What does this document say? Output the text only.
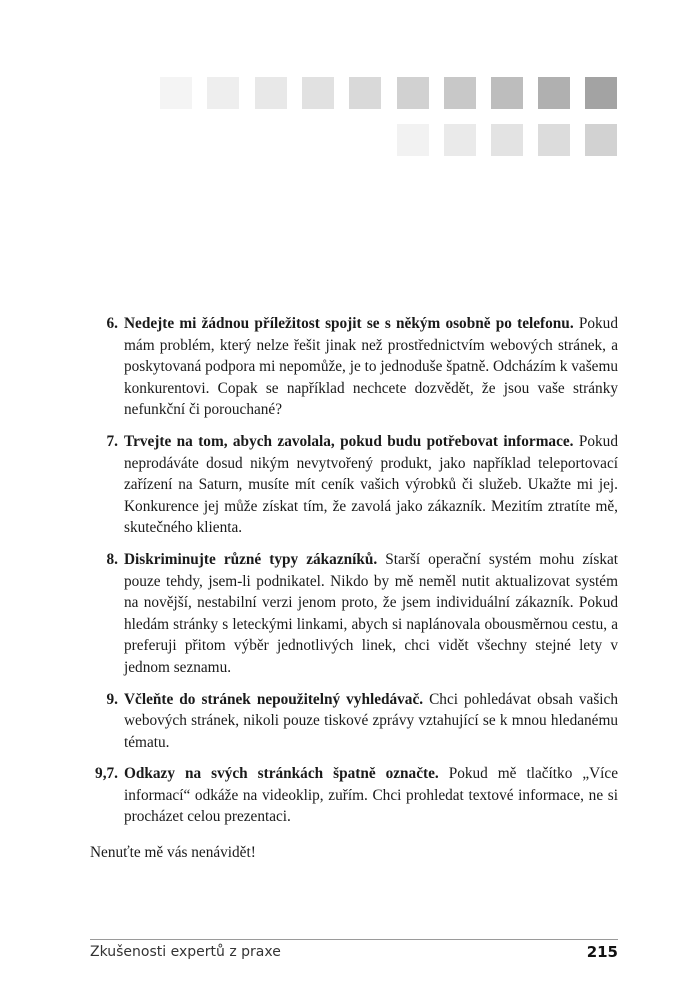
6. Nedejte mi žádnou příležitost spojit se s někým osobně po telefonu. Pokud mám problém, který nelze řešit jinak než prostřednictvím webových stránek, a poskytovaná podpora mi nepomůže, je to jednoduše špatně. Odcházím k vašemu konkurentovi. Copak se například nechcete dozvědět, že jsou vaše stránky nefunkční či porouchané?

7. Trvejte na tom, abych zavolala, pokud budu potřebovat informace. Pokud neprodáváte dosud nikým nevytvořený produkt, jako například teleportovací zařízení na Saturn, musíte mít ceník vašich výrobků či služeb. Ukažte mi jej. Konkurence jej může získat tím, že zavolá jako zákazník. Mezitím ztratíte mě, skutečného klienta.

8. Diskriminujte různé typy zákazníků. Starší operační systém mohu získat pouze tehdy, jsem-li podnikatel. Nikdo by mě neměl nutit aktualizovat systém na novější, nestabilní verzi jenom proto, že jsem individuální zákazník. Pokud hledám stránky s leteckými linkami, abych si naplánovala obousměrnou cestu, a preferuji přitom výběr jednotlivých linek, chci vidět všechny stejné lety v jednom seznamu.

9. Včleňte do stránek nepoužitelný vyhledávač. Chci pohledávat obsah vašich webových stránek, nikoli pouze tiskové zprávy vztahující se k mnou hledanému tématu.

9,7. Odkazy na svých stránkách špatně označte. Pokud mě tlačítko „Více informací“ odkáže na videoklip, zuřím. Chci prohledat textové informace, ne si procházet celou prezentaci.

Nenuťte mě vás nenávidět!

Zkušenosti expertů z praxe	215
